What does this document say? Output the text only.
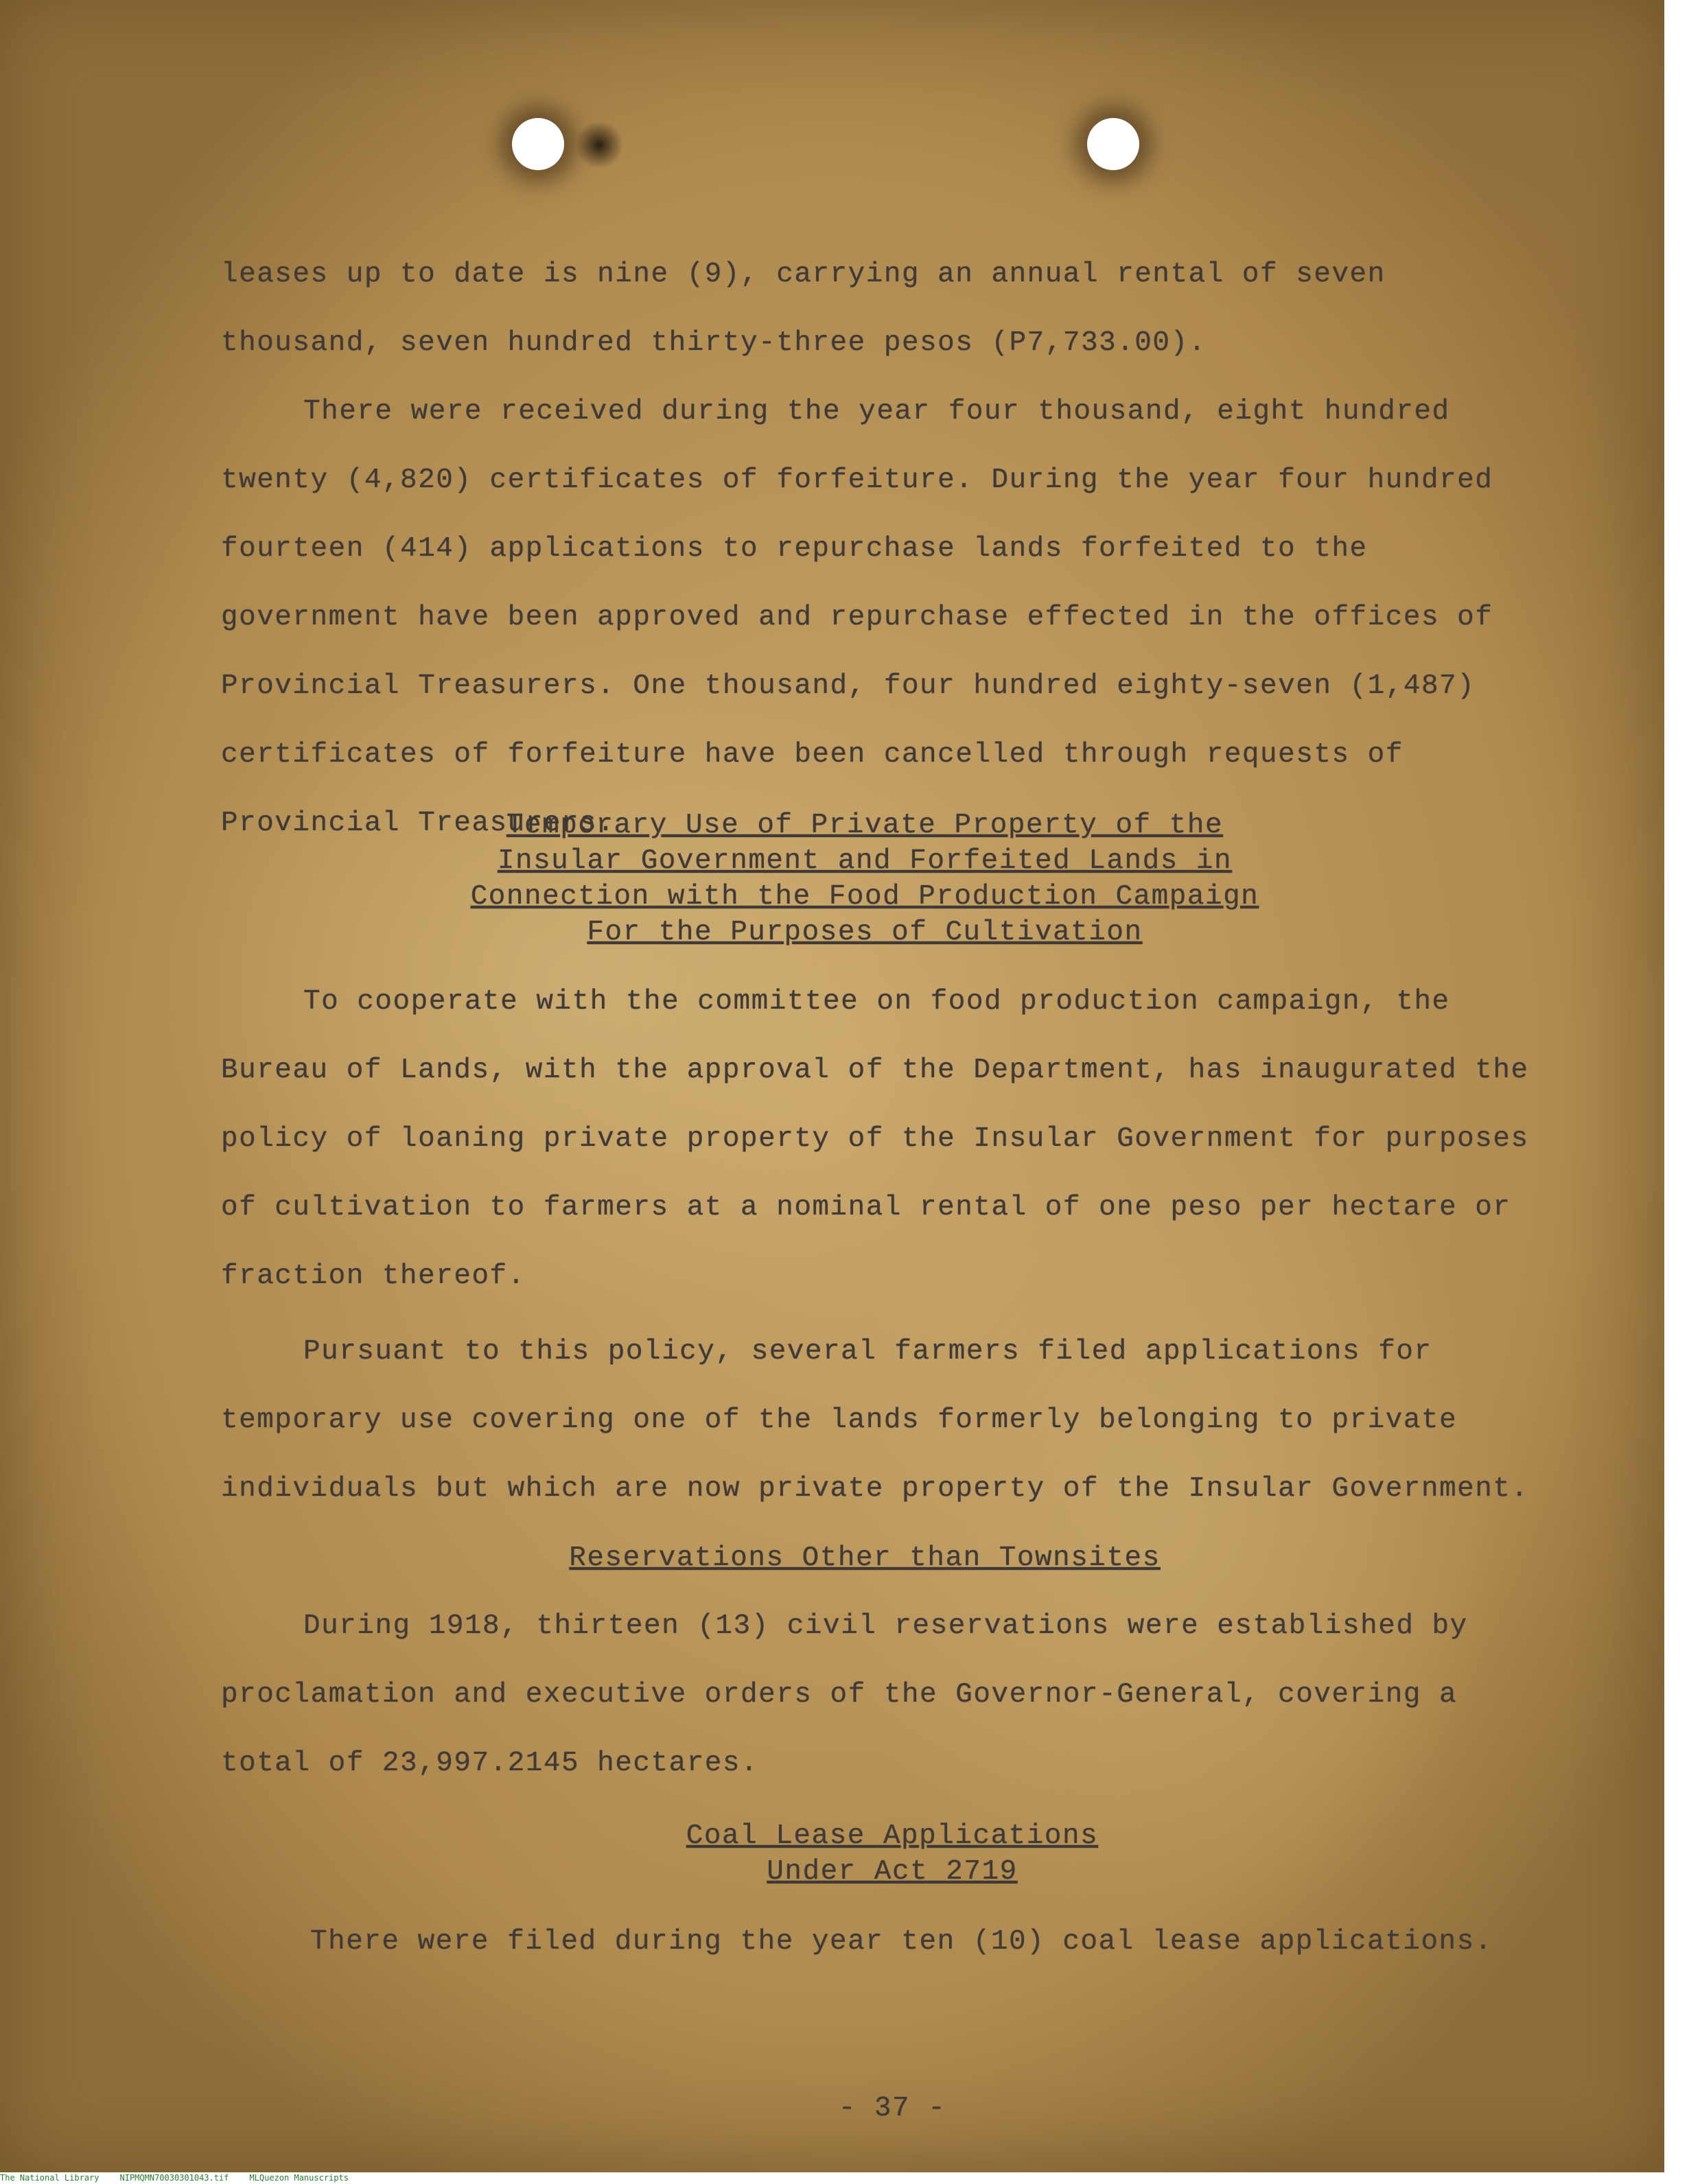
leases up to date is nine (9), carrying an annual rental of seven thousand, seven hundred thirty-three pesos (P7,733.00).

There were received during the year four thousand, eight hundred twenty (4,820) certificates of forfeiture. During the year four hundred fourteen (414) applications to repurchase lands forfeited to the government have been approved and repurchase effected in the offices of Provincial Treasurers. One thousand, four hundred eighty-seven (1,487) certificates of forfeiture have been cancelled through requests of Provincial Treasurers.

Temporary Use of Private Property of the
Insular Government and Forfeited Lands in
Connection with the Food Production Campaign
For the Purposes of Cultivation

To cooperate with the committee on food production campaign, the Bureau of Lands, with the approval of the Department, has inaugurated the policy of loaning private property of the Insular Government for purposes of cultivation to farmers at a nominal rental of one peso per hectare or fraction thereof.

Pursuant to this policy, several farmers filed applications for temporary use covering one of the lands formerly belonging to private individuals but which are now private property of the Insular Government.

Reservations Other than Townsites

During 1918, thirteen (13) civil reservations were established by proclamation and executive orders of the Governor-General, covering a total of 23,997.2145 hectares.

Coal Lease Applications
Under Act 2719

There were filed during the year ten (10) coal lease applications.

- 37 -
The National Library	NIPMQMN70030301043.tif	MLQuezon Manuscripts
